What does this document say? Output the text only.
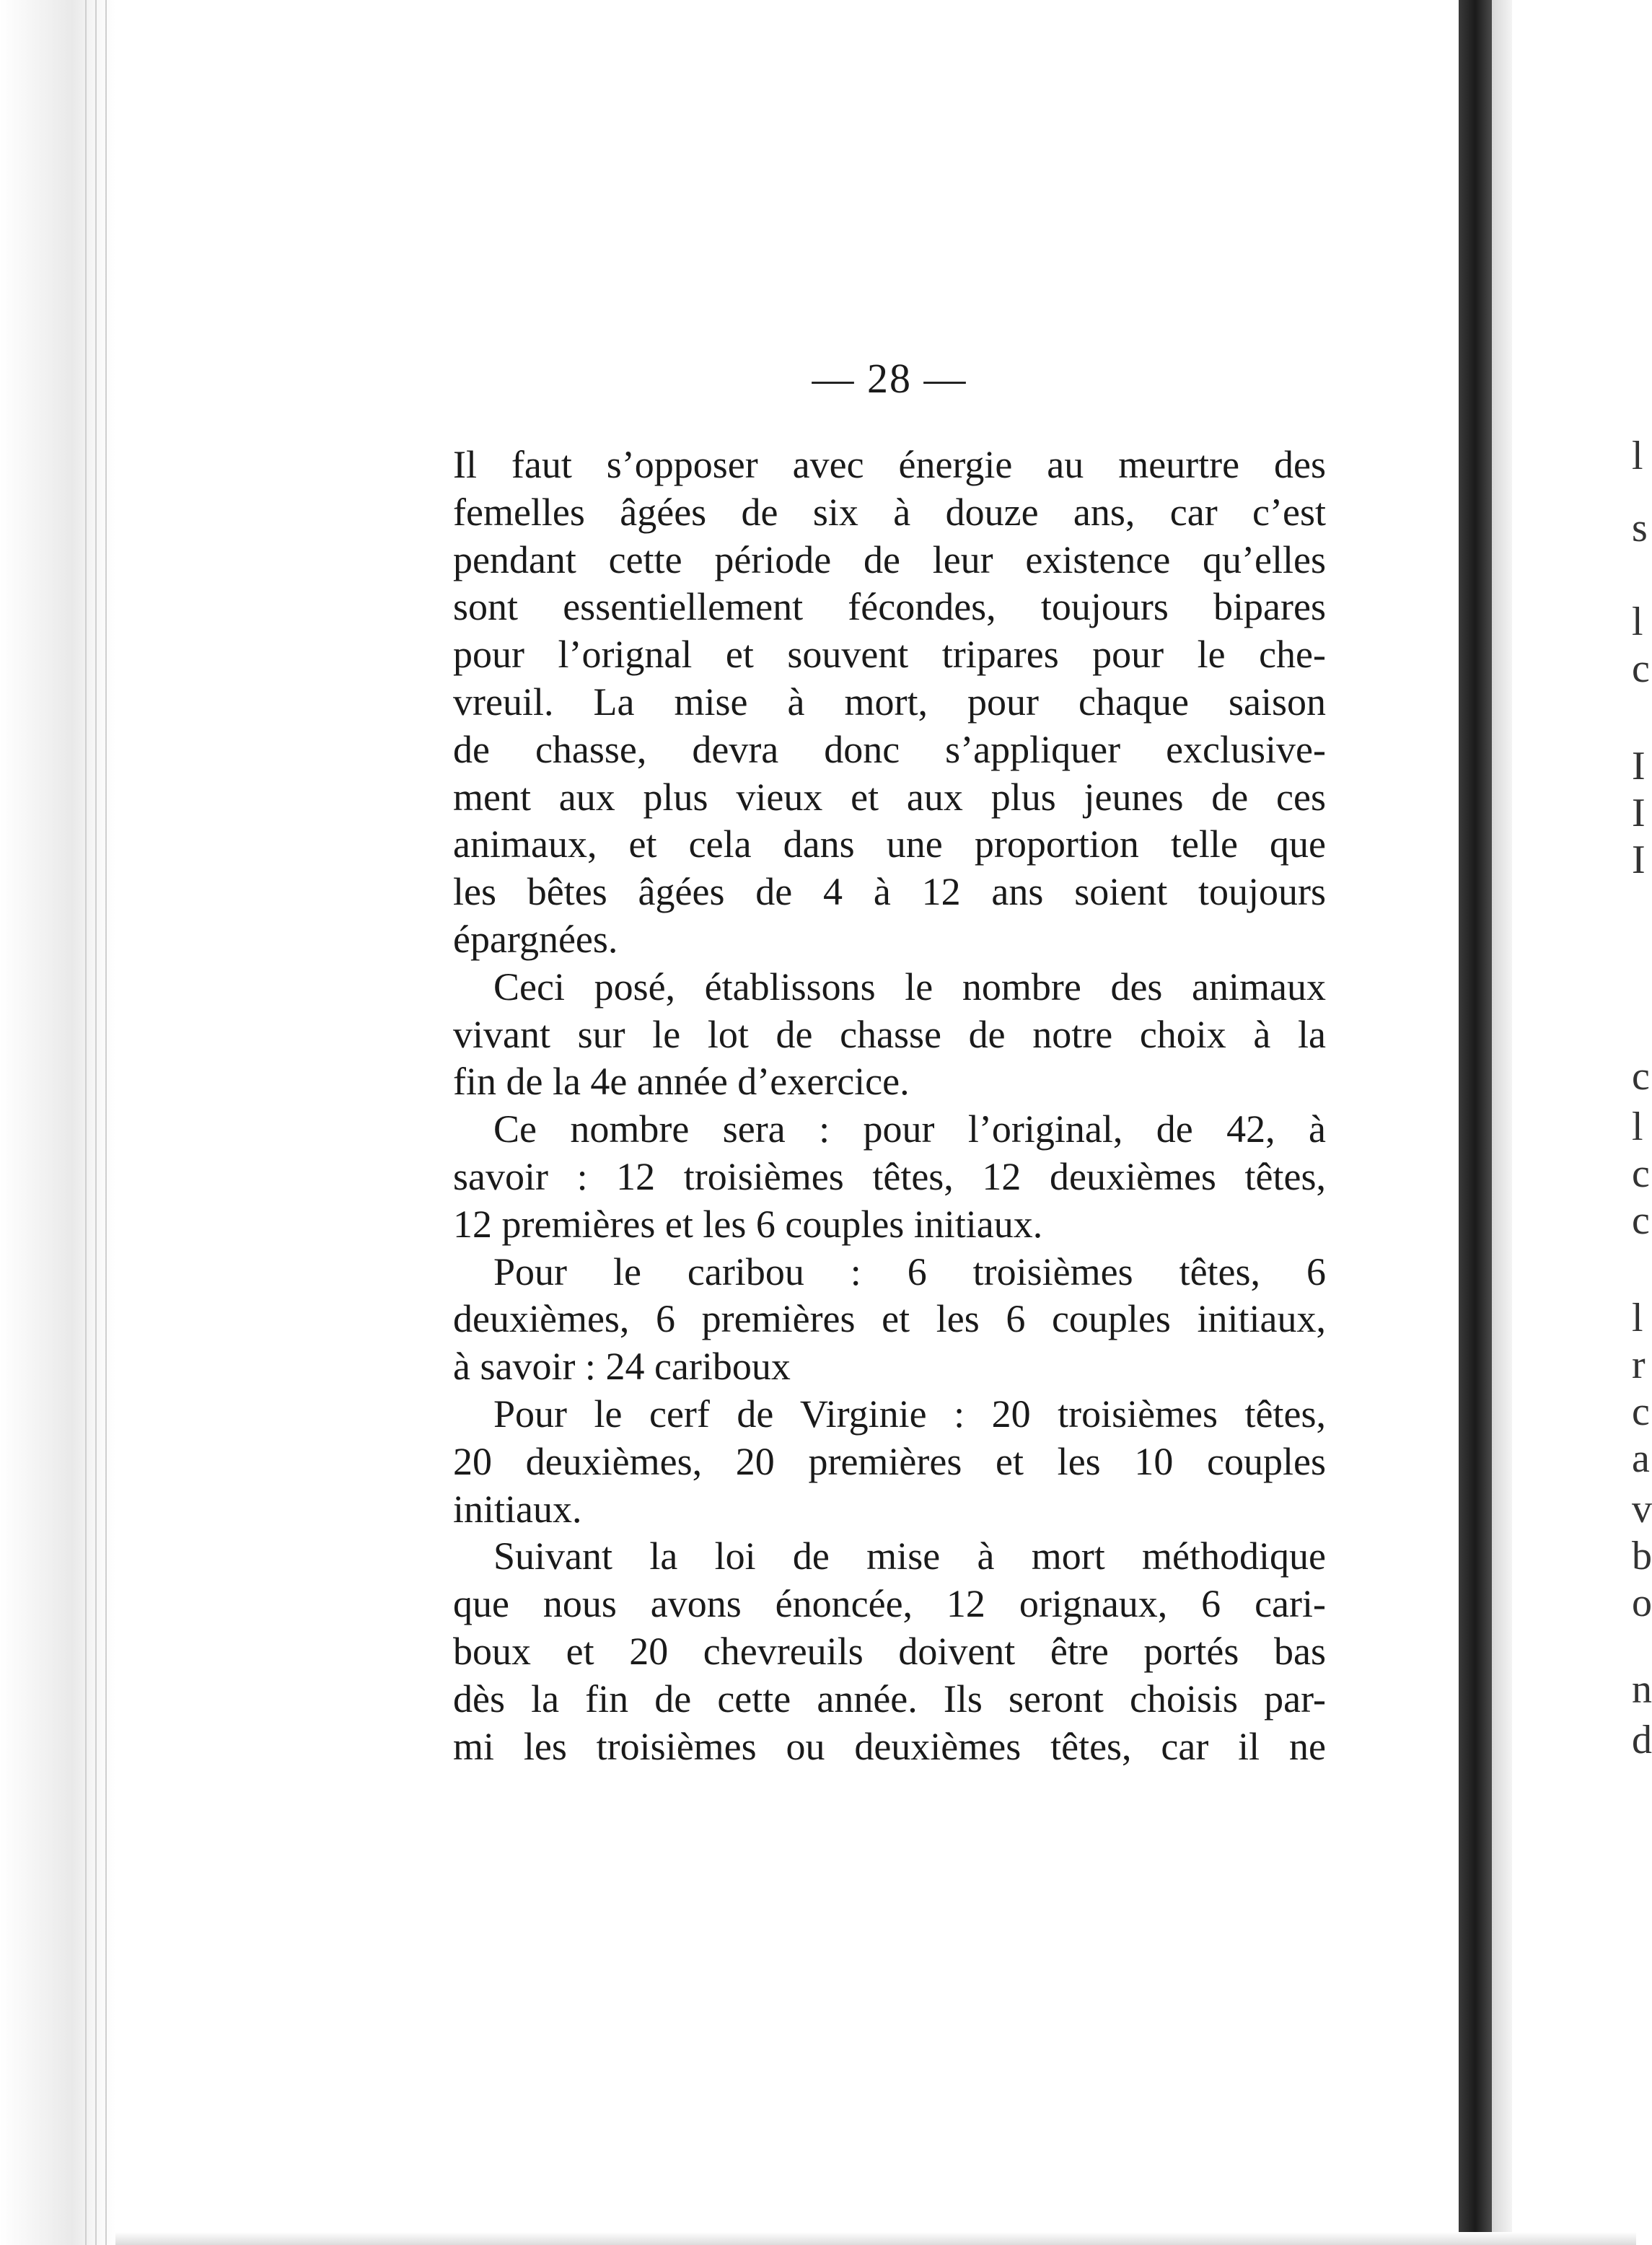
l
s
l
c
I
I
I
c
l
c
c
l
r
c
a
v
b
o
n
d
— 28 —

Il faut s’opposer avec énergie au meurtre des
femelles âgées de six à douze ans, car c’est
pendant cette période de leur existence qu’elles
sont essentiellement fécondes, toujours bipares
pour l’orignal et souvent tripares pour le che-
vreuil. La mise à mort, pour chaque saison
de chasse, devra donc s’appliquer exclusive-
ment aux plus vieux et aux plus jeunes de ces
animaux, et cela dans une proportion telle que
les bêtes âgées de 4 à 12 ans soient toujours
épargnées.

Ceci posé, établissons le nombre des animaux
vivant sur le lot de chasse de notre choix à la
fin de la 4e année d’exercice.

Ce nombre sera : pour l’original, de 42, à
savoir : 12 troisièmes têtes, 12 deuxièmes têtes,
12 premières et les 6 couples initiaux.

Pour le caribou : 6 troisièmes têtes, 6
deuxièmes, 6 premières et les 6 couples initiaux,
à savoir : 24 cariboux

Pour le cerf de Virginie : 20 troisièmes têtes,
20 deuxièmes, 20 premières et les 10 couples
initiaux.

Suivant la loi de mise à mort méthodique
que nous avons énoncée, 12 orignaux, 6 cari-
boux et 20 chevreuils doivent être portés bas
dès la fin de cette année. Ils seront choisis par-
mi les troisièmes ou deuxièmes têtes, car il ne
